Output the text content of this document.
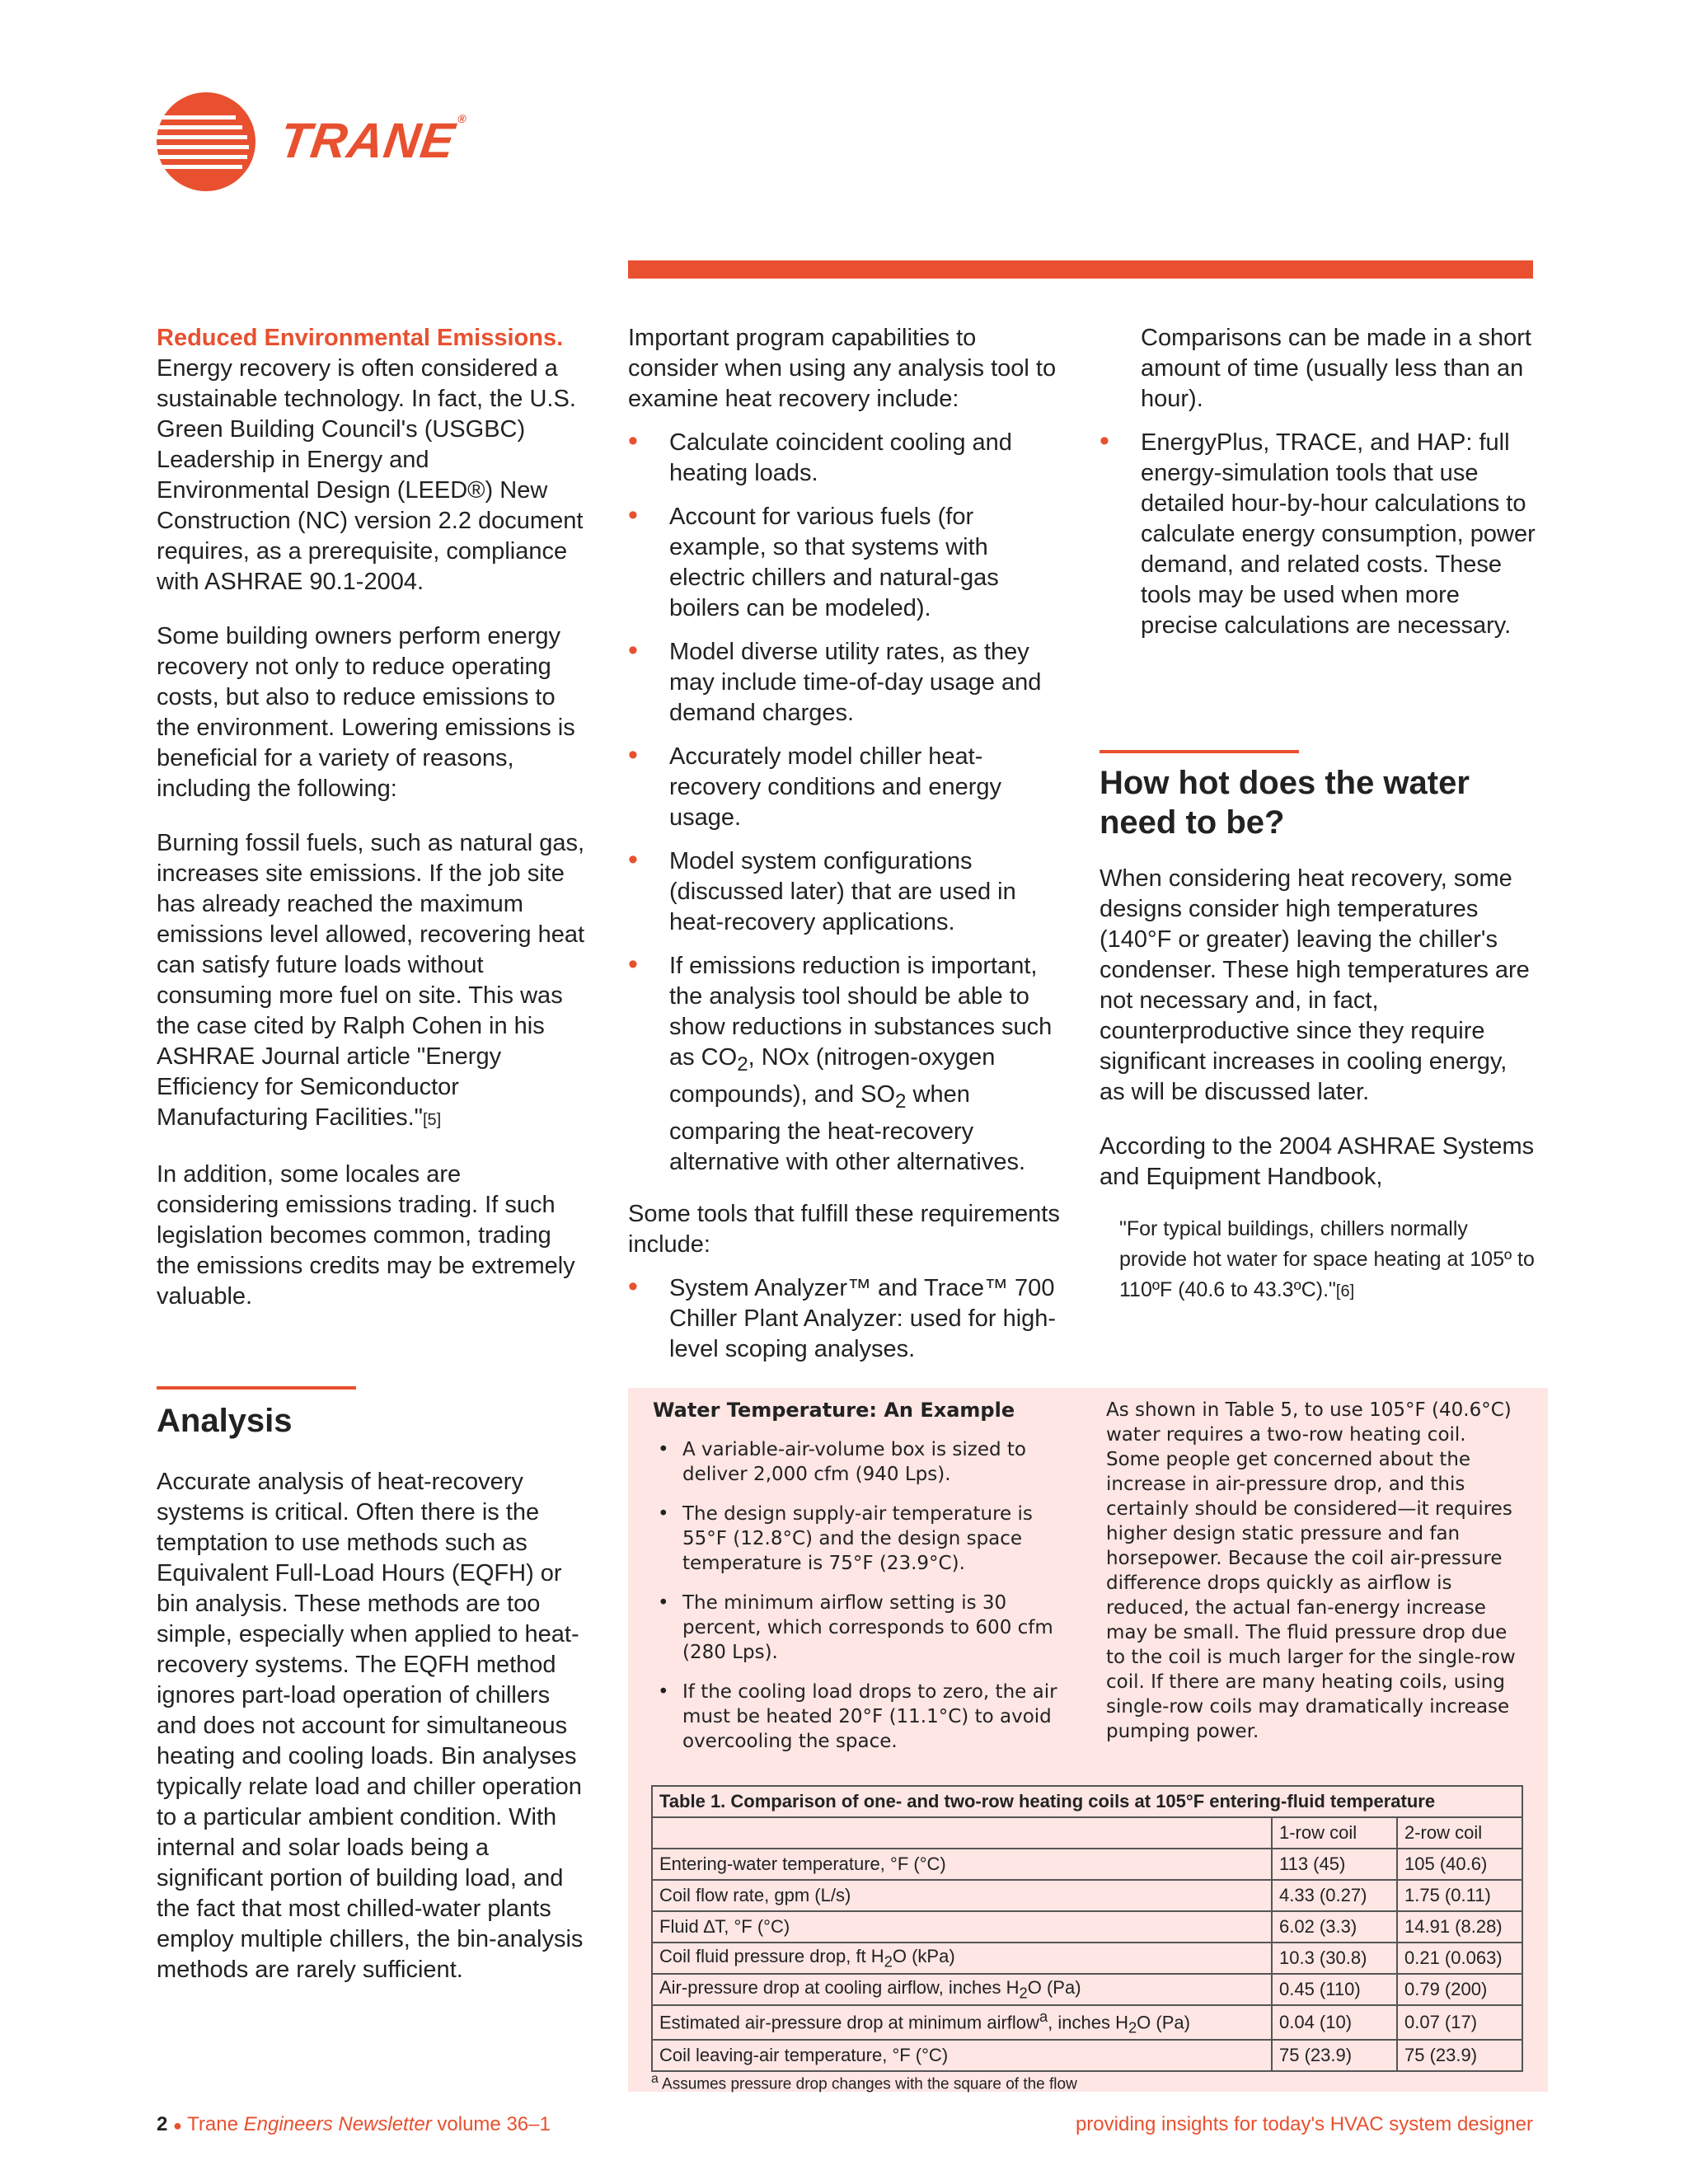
TRANE®

Reduced Environmental Emissions. Energy recovery is often considered a sustainable technology. In fact, the U.S. Green Building Council's (USGBC) Leadership in Energy and Environmental Design (LEED®) New Construction (NC) version 2.2 document requires, as a prerequisite, compliance with ASHRAE 90.1-2004.

Some building owners perform energy recovery not only to reduce operating costs, but also to reduce emissions to the environment. Lowering emissions is beneficial for a variety of reasons, including the following:

Burning fossil fuels, such as natural gas, increases site emissions. If the job site has already reached the maximum emissions level allowed, recovering heat can satisfy future loads without consuming more fuel on site. This was the case cited by Ralph Cohen in his ASHRAE Journal article "Energy Efficiency for Semiconductor Manufacturing Facilities."[5]

In addition, some locales are considering emissions trading. If such legislation becomes common, trading the emissions credits may be extremely valuable.

Analysis

Accurate analysis of heat-recovery systems is critical. Often there is the temptation to use methods such as Equivalent Full-Load Hours (EQFH) or bin analysis. These methods are too simple, especially when applied to heat-recovery systems. The EQFH method ignores part-load operation of chillers and does not account for simultaneous heating and cooling loads. Bin analyses typically relate load and chiller operation to a particular ambient condition. With internal and solar loads being a significant portion of building load, and the fact that most chilled-water plants employ multiple chillers, the bin-analysis methods are rarely sufficient.

Important program capabilities to consider when using any analysis tool to examine heat recovery include:

• Calculate coincident cooling and heating loads.
• Account for various fuels (for example, so that systems with electric chillers and natural-gas boilers can be modeled).
• Model diverse utility rates, as they may include time-of-day usage and demand charges.
• Accurately model chiller heat-recovery conditions and energy usage.
• Model system configurations (discussed later) that are used in heat-recovery applications.
• If emissions reduction is important, the analysis tool should be able to show reductions in substances such as $CO_2$, NOx (nitrogen-oxygen compounds), and $SO_2$ when comparing the heat-recovery alternative with other alternatives.

Some tools that fulfill these requirements include:

• System Analyzer™ and Trace™ 700 Chiller Plant Analyzer: used for high-level scoping analyses.

Comparisons can be made in a short amount of time (usually less than an hour).

• EnergyPlus, TRACE, and HAP: full energy-simulation tools that use detailed hour-by-hour calculations to calculate energy consumption, power demand, and related costs. These tools may be used when more precise calculations are necessary.
How hot does the water need to be?

When considering heat recovery, some designs consider high temperatures (140°F or greater) leaving the chiller's condenser. These high temperatures are not necessary and, in fact, counterproductive since they require significant increases in cooling energy, as will be discussed later.

According to the 2004 ASHRAE Systems and Equipment Handbook,

"For typical buildings, chillers normally provide hot water for space heating at 105º to 110ºF (40.6 to 43.3ºC)."[6]

Water Temperature: An Example
• A variable-air-volume box is sized to deliver 2,000 cfm (940 Lps).
• The design supply-air temperature is 55°F (12.8°C) and the design space temperature is 75°F (23.9°C).
• The minimum airflow setting is 30 percent, which corresponds to 600 cfm (280 Lps).
• If the cooling load drops to zero, the air must be heated 20°F (11.1°C) to avoid overcooling the space.
As shown in Table 5, to use 105°F (40.6°C) water requires a two-row heating coil. Some people get concerned about the increase in air-pressure drop, and this certainly should be considered—it requires higher design static pressure and fan horsepower. Because the coil air-pressure difference drops quickly as airflow is reduced, the actual fan-energy increase may be small. The fluid pressure drop due to the coil is much larger for the single-row coil. If there are many heating coils, using single-row coils may dramatically increase pumping power.
Table 1. Comparison of one- and two-row heating coils at 105°F entering-fluid temperature		
	1-row coil	2-row coil
Entering-water temperature, °F (°C)	113 (45)	105 (40.6)
Coil flow rate, gpm (L/s)	4.33 (0.27)	1.75 (0.11)
Fluid ∆T, °F (°C)	6.02 (3.3)	14.91 (8.28)
Coil fluid pressure drop, ft $H_2O$ (kPa)	10.3 (30.8)	0.21 (0.063)
Air-pressure drop at cooling airflow, inches $H_2O$ (Pa)	0.45 (110)	0.79 (200)
Estimated air-pressure drop at minimum airflow$^a$, inches $H_2O$ (Pa)	0.04 (10)	0.07 (17)
Coil leaving-air temperature, °F (°C)	75 (23.9)	75 (23.9)
$^a$ Assumes pressure drop changes with the square of the flow
2 ● Trane Engineers Newsletter volume 36–1	providing insights for today's HVAC system designer
